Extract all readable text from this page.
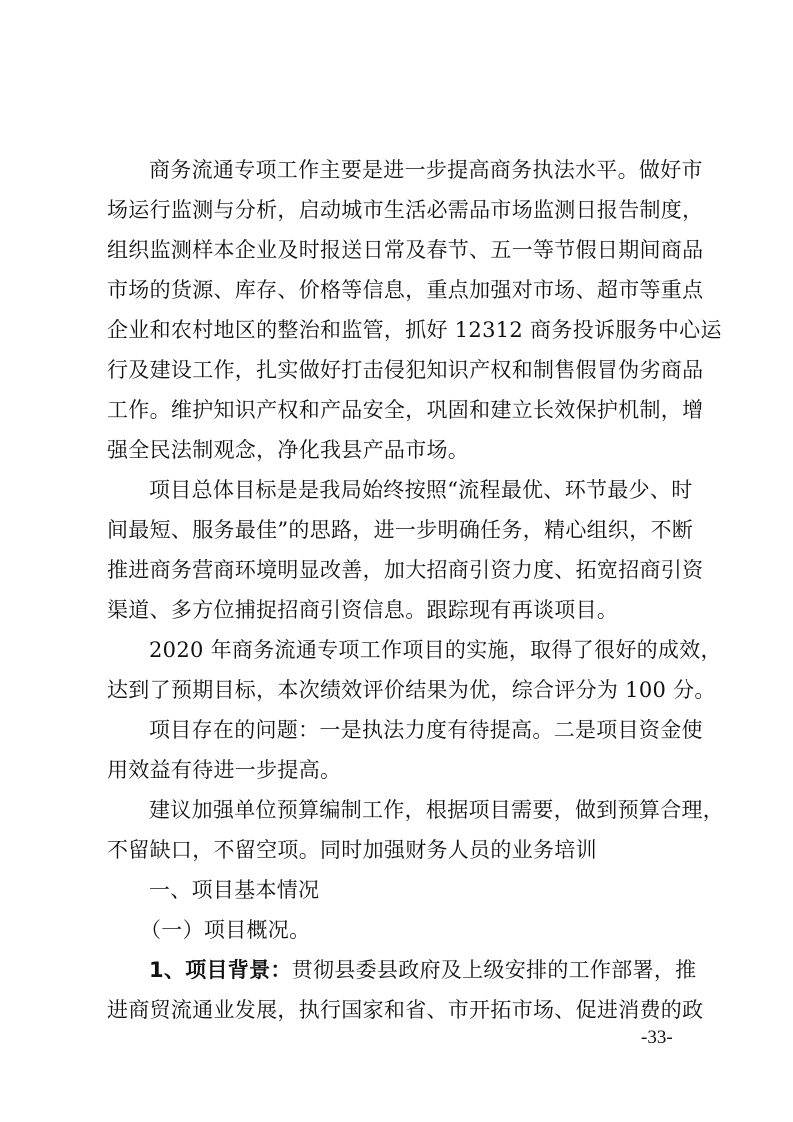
商务流通专项工作主要是进一步提高商务执法水平。做好市
场运行监测与分析，启动城市生活必需品市场监测日报告制度，
组织监测样本企业及时报送日常及春节、五一等节假日期间商品
市场的货源、库存、价格等信息，重点加强对市场、超市等重点
企业和农村地区的整治和监管，抓好 12312 商务投诉服务中心运
行及建设工作，扎实做好打击侵犯知识产权和制售假冒伪劣商品
工作。维护知识产权和产品安全，巩固和建立长效保护机制，增
强全民法制观念，净化我县产品市场。
项目总体目标是是我局始终按照“流程最优、环节最少、时
间最短、服务最佳”的思路，进一步明确任务，精心组织，不断
推进商务营商环境明显改善，加大招商引资力度、拓宽招商引资
渠道、多方位捕捉招商引资信息。跟踪现有再谈项目。
2020 年商务流通专项工作项目的实施，取得了很好的成效，
达到了预期目标，本次绩效评价结果为优，综合评分为 100 分。
项目存在的问题：一是执法力度有待提高。二是项目资金使
用效益有待进一步提高。
建议加强单位预算编制工作，根据项目需要，做到预算合理，
不留缺口，不留空项。同时加强财务人员的业务培训
一、项目基本情况
（一）项目概况。
1、项目背景：贯彻县委县政府及上级安排的工作部署，推
进商贸流通业发展，执行国家和省、市开拓市场、促进消费的政
-33-
